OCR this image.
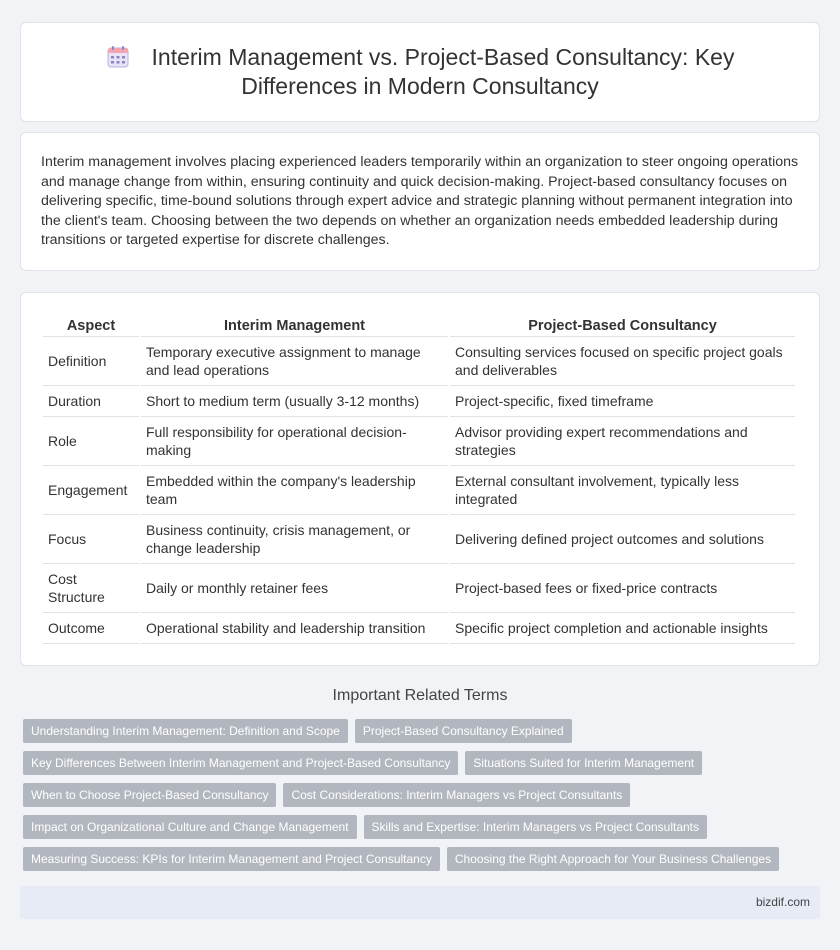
Interim Management vs. Project-Based Consultancy: Key
Differences in Modern Consultancy

Interim management involves placing experienced leaders temporarily within an organization to steer ongoing operations and manage change from within, ensuring continuity and quick decision-making. Project-based consultancy focuses on delivering specific, time-bound solutions through expert advice and strategic planning without permanent integration into the client's team. Choosing between the two depends on whether an organization needs embedded leadership during transitions or targeted expertise for discrete challenges.

Aspect	Interim Management	Project-Based Consultancy
Definition	Temporary executive assignment to manage and lead operations	Consulting services focused on specific project goals and deliverables
Duration	Short to medium term (usually 3-12 months)	Project-specific, fixed timeframe
Role	Full responsibility for operational decision-making	Advisor providing expert recommendations and strategies
Engagement	Embedded within the company's leadership team	External consultant involvement, typically less integrated
Focus	Business continuity, crisis management, or change leadership	Delivering defined project outcomes and solutions
Cost Structure	Daily or monthly retainer fees	Project-based fees or fixed-price contracts
Outcome	Operational stability and leadership transition	Specific project completion and actionable insights
Important Related Terms
Understanding Interim Management: Definition and Scope	Project-Based Consultancy Explained
Key Differences Between Interim Management and Project-Based Consultancy	Situations Suited for Interim Management
When to Choose Project-Based Consultancy	Cost Considerations: Interim Managers vs Project Consultants
Impact on Organizational Culture and Change Management	Skills and Expertise: Interim Managers vs Project Consultants
Measuring Success: KPIs for Interim Management and Project Consultancy	Choosing the Right Approach for Your Business Challenges
bizdif.com
